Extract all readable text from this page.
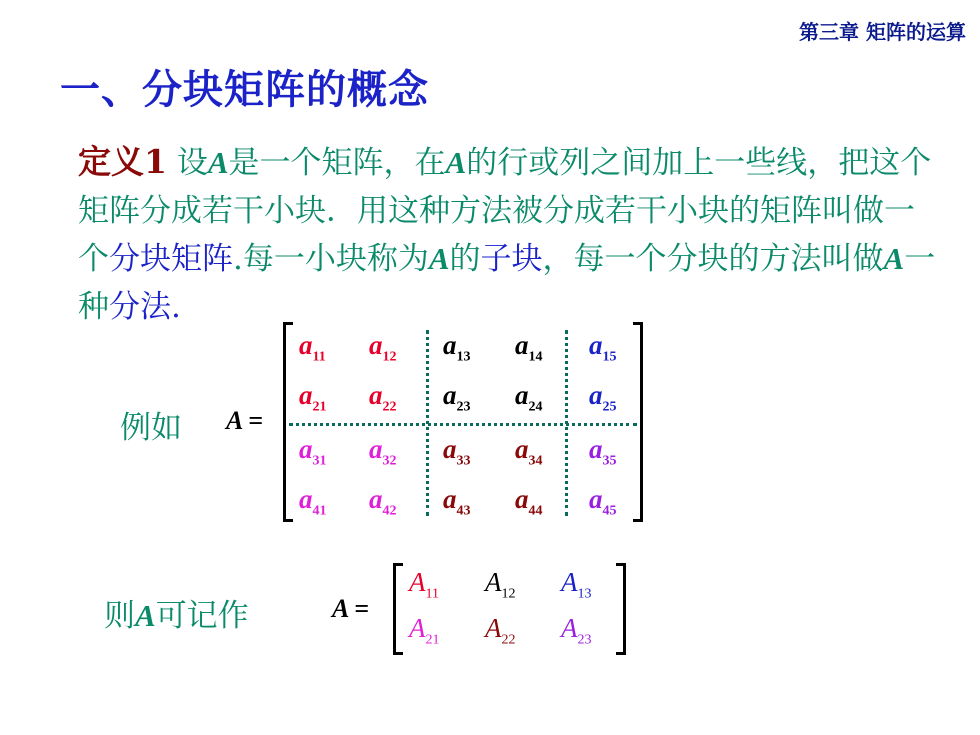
第三章 矩阵的运算
一、分块矩阵的概念
定义1 设A是一个矩阵，在A的行或列之间加上一些线，把这个矩阵分成若干小块．用这种方法被分成若干小块的矩阵叫做一个分块矩阵.每一小块称为A的子块，每一个分块的方法叫做A一种分法.
例如 A =
$a_{11}$ $a_{12}$ $a_{13}$ $a_{14}$ $a_{15}$
$a_{21}$ $a_{22}$ $a_{23}$ $a_{24}$ $a_{25}$
$a_{31}$ $a_{32}$ $a_{33}$ $a_{34}$ $a_{35}$
$a_{41}$ $a_{42}$ $a_{43}$ $a_{44}$ $a_{45}$
则A可记作	A =
$A_{11}$ $A_{12}$ $A_{13}$
$A_{21}$ $A_{22}$ $A_{23}$
